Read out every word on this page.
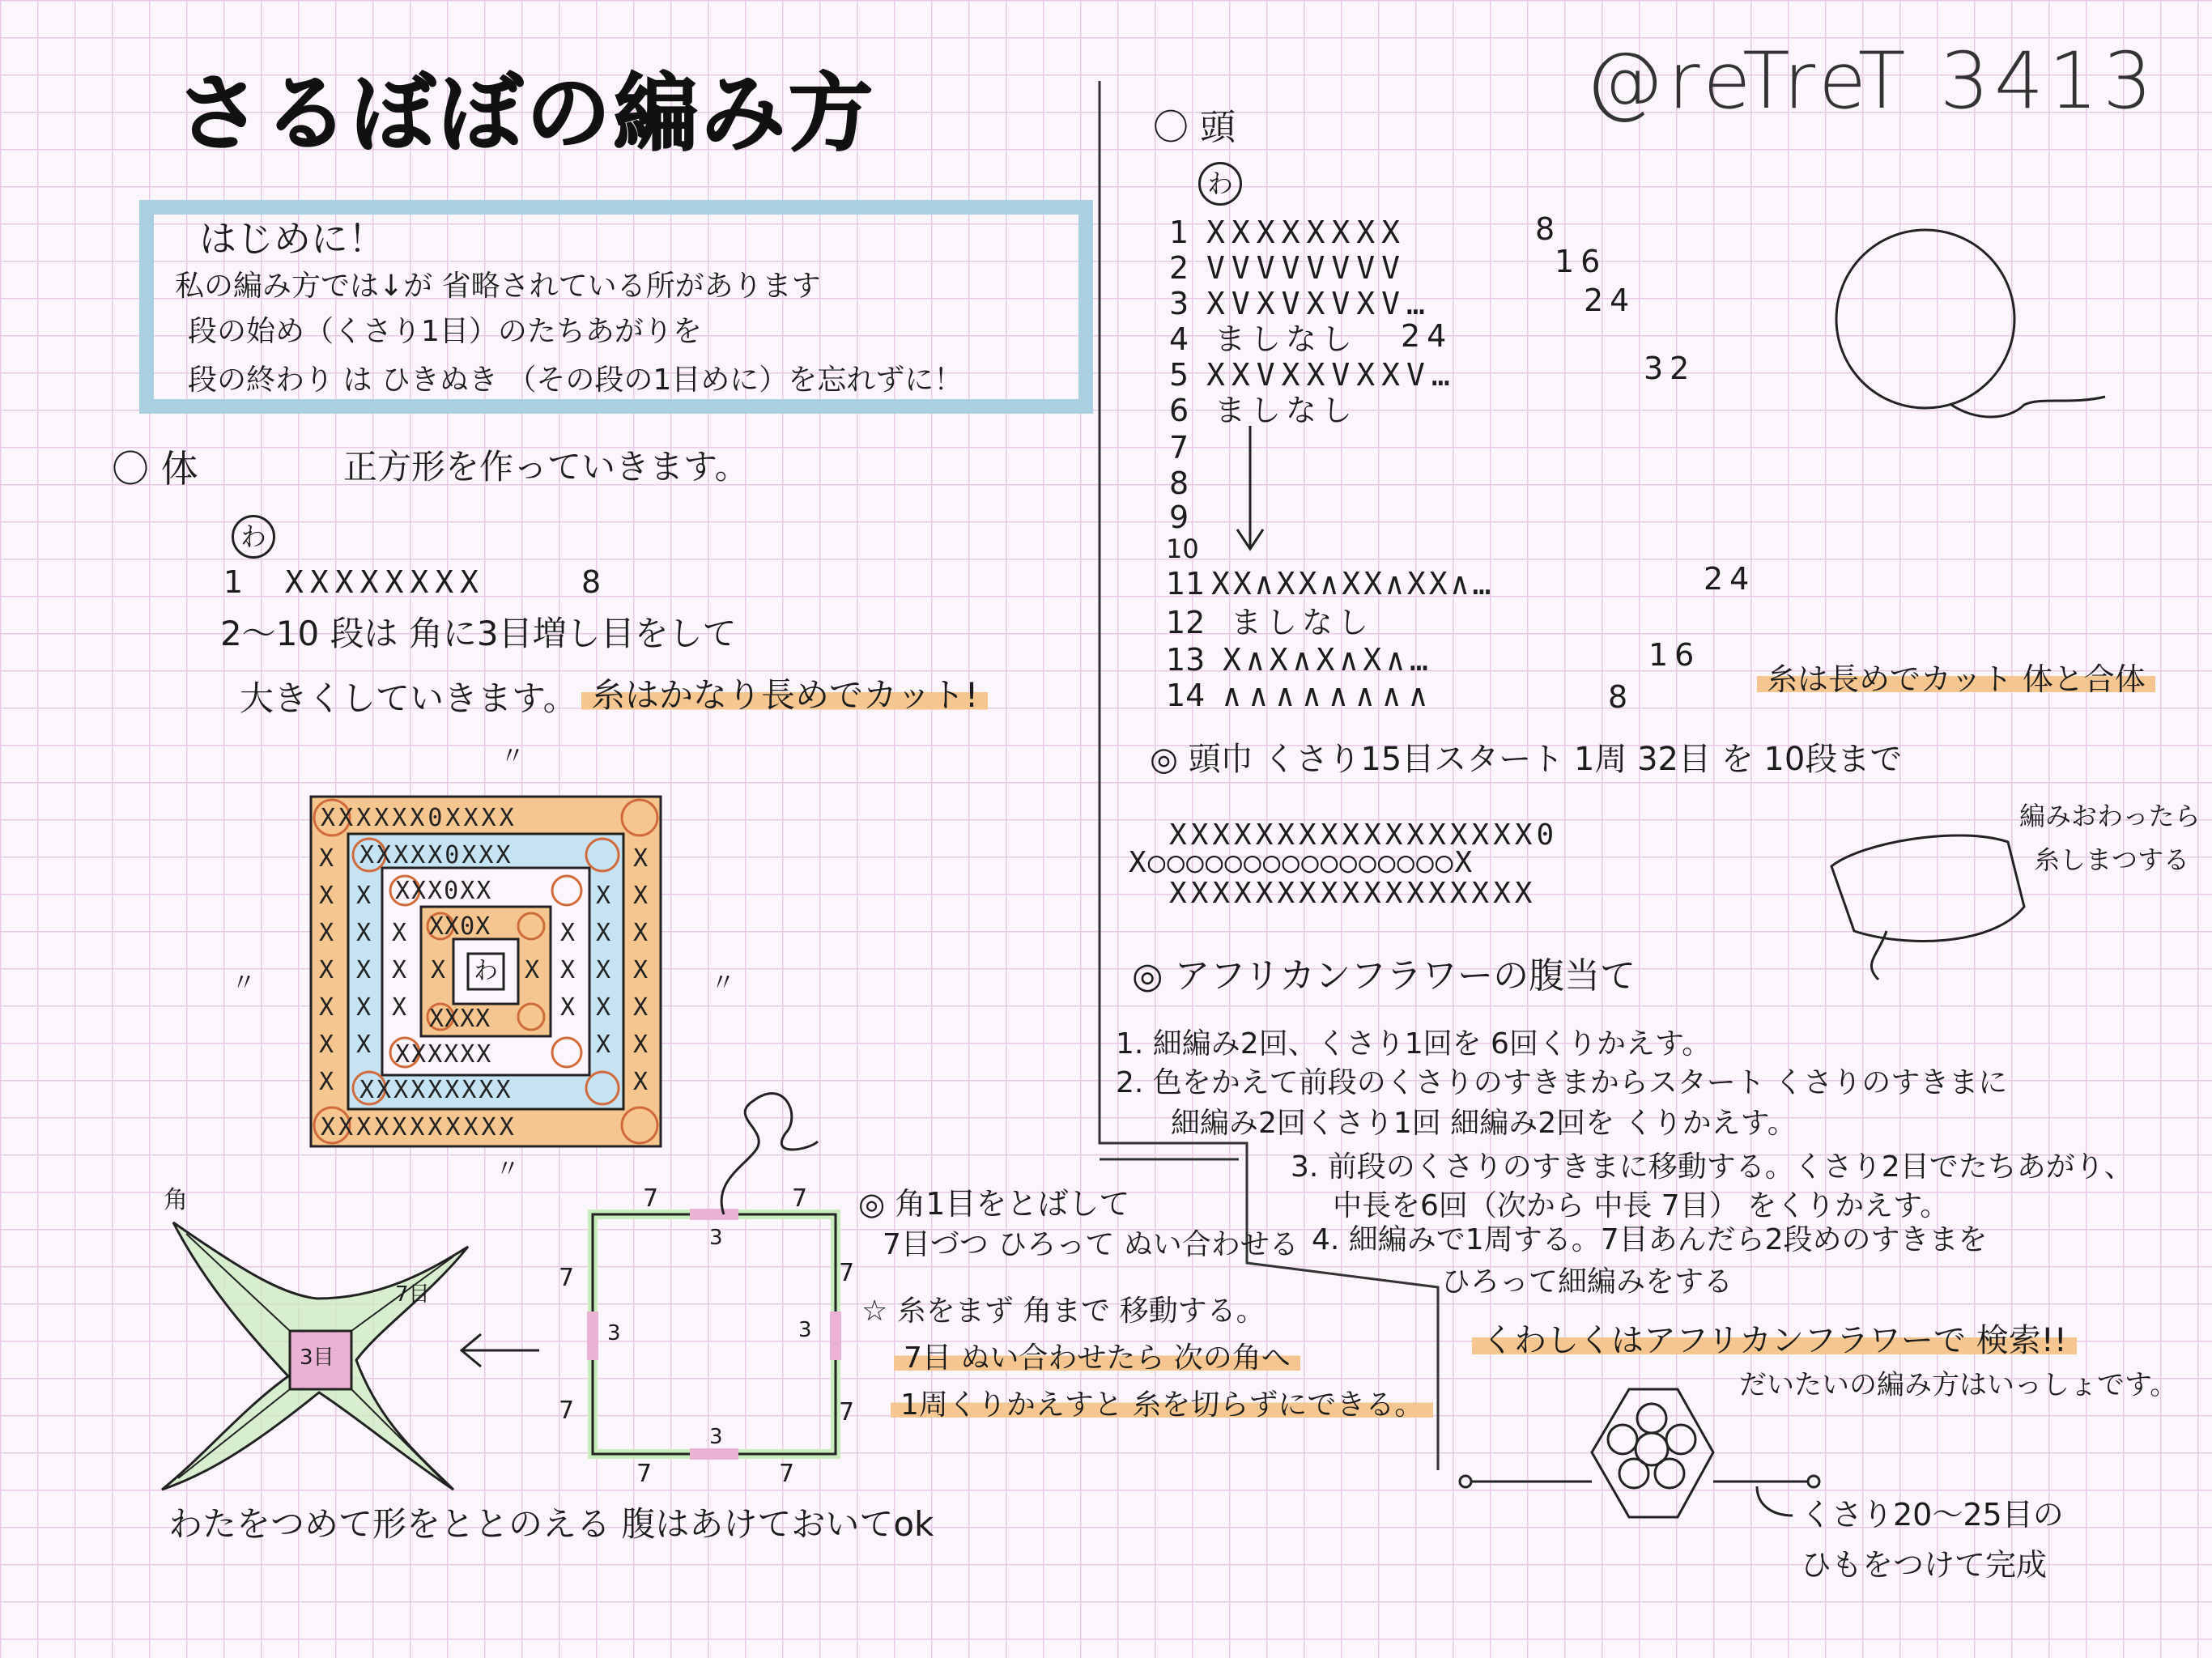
さるぼぼの編み方	@reTreT 3413
はじめに！
私の編み方では↓が 省略されている所があります
段の始め（くさり1目）のたちあがりを
段の終わり は ひきぬき （その段の1目めに）を忘れずに！
〇 体	正方形を作っていきます。
わ
1 XXXXXXXX	8
2～10 段は 角に3目増し目をして
大きくしていきます。 糸はかなり長めでカット!
XXXXXX0XXXX
XXXXXXXXXXX
XXXXX0XXX
XXXXXXXXX
XXX0XX
XXXXXX
XX0X
XXXX
X
X
X
X
X
X
X
X
X
X
X
X
X
X
X
X
X
X
X
X
X
X
X
X
X
X
X
X
X
X
X	X
わ
〃
〃
〃	〃
7	7
3
7
3
7
7
3
7
3
7	7
角
3目
7目
◎ 角1目をとばして
7目づつ ひろって ぬい合わせる
☆ 糸をまず 角まで 移動する。
7目 ぬい合わせたら 次の角へ
1周くりかえすと 糸を切らずにできる。
わたをつめて形をととのえる 腹はあけておいてok
〇 頭
わ
1 XXXXXXXX	8
2 VVVVVVVV	16
3 XVXVXVXV…	24
4 ましなし 24
5 XXVXXVXXV…	32
6 ましなし
7
8
9
10
11 XX∧XX∧XX∧XX∧…	24
12 ましなし
13 X∧X∧X∧X∧…	16
14 ∧∧∧∧∧∧∧∧	8	糸は長めでカット 体と合体
◎ 頭巾 くさり15目スタート 1周 32目 を 10段まで
XXXXXXXXXXXXXXXXX0
X○○○○○○○○○○○○○○○○X
XXXXXXXXXXXXXXXXX
編みおわったら
糸しまつする
◎ アフリカンフラワーの腹当て
1. 細編み2回、くさり1回を 6回くりかえす。
2. 色をかえて前段のくさりのすきまからスタート くさりのすきまに
細編み2回くさり1回 細編み2回を くりかえす。
3. 前段のくさりのすきまに移動する。くさり2目でたちあがり、
中長を6回（次から 中長 7目） をくりかえす。
4. 細編みで1周する。7目あんだら2段めのすきまを
ひろって細編みをする
くわしくはアフリカンフラワーで 検索!!
だいたいの編み方はいっしょです。
くさり20～25目の
ひもをつけて完成
